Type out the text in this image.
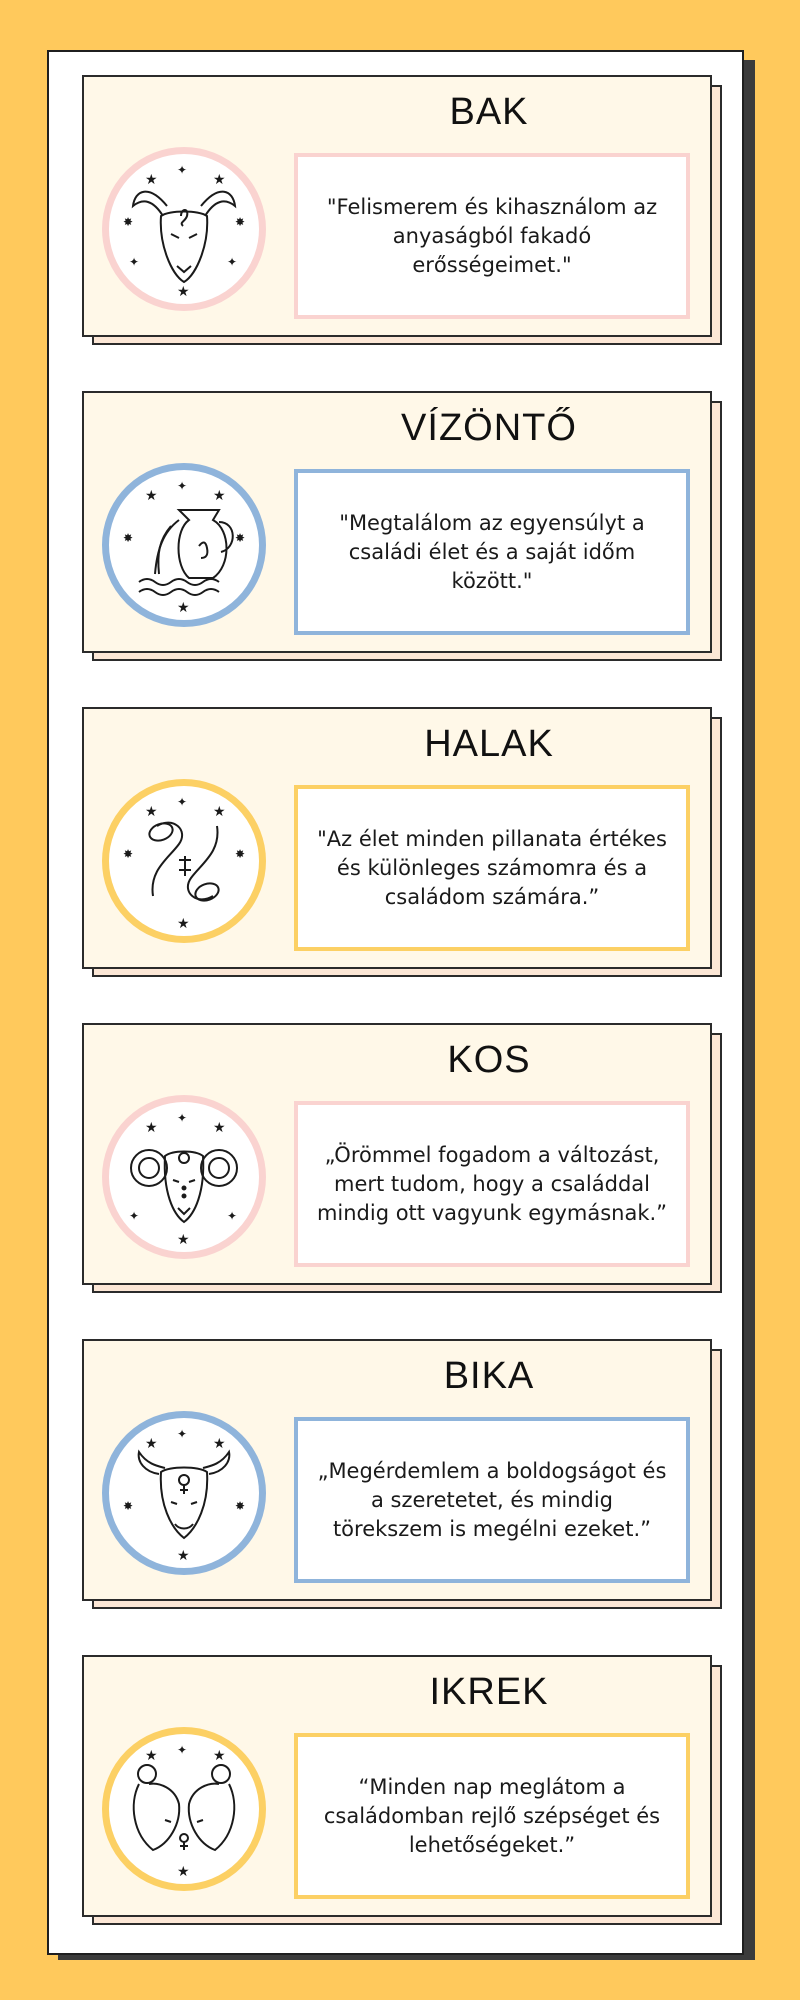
BAK
★
✦
★
✸	✸
✦	✦
★
"Felismerem és kihasználom az anyaságból fakadó erősségeimet."
VÍZÖNTŐ
★
✦
★
✸	✸
★
"Megtalálom az egyensúlyt a családi élet és a saját időm között."
HALAK
★
✦
★
✸	✸
★
"Az élet minden pillanata értékes és különleges számomra és a családom számára.”
KOS
★
✦
★
✦	✦
★
„Örömmel fogadom a változást, mert tudom, hogy a családdal mindig ott vagyunk egymásnak.”
BIKA
★
✦
★
✸	✸
★
„Megérdemlem a boldogságot és a szeretetet, és mindig törekszem is megélni ezeket.”
IKREK
★ ✦ ★
★
“Minden nap meglátom a családomban rejlő szépséget és lehetőségeket.”
